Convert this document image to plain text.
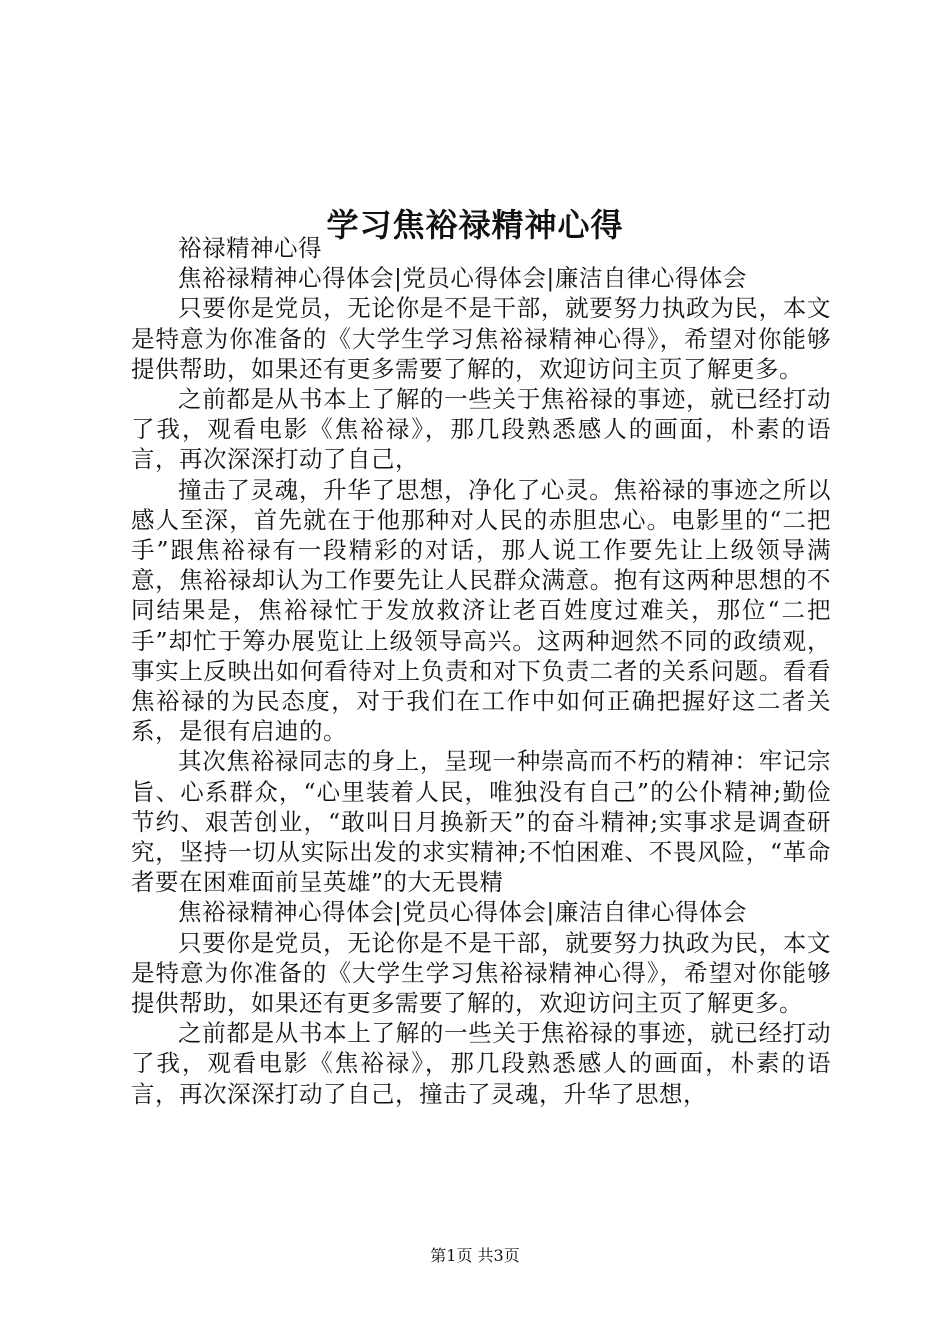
学习焦裕禄精神心得

裕禄精神心得

焦裕禄精神心得体会|党员心得体会|廉洁自律心得体会

只要你是党员，无论你是不是干部，就要努力执政为民，本文是特意为你准备的《大学生学习焦裕禄精神心得》，希望对你能够提供帮助，如果还有更多需要了解的，欢迎访问主页了解更多。

之前都是从书本上了解的一些关于焦裕禄的事迹，就已经打动了我，观看电影《焦裕禄》，那几段熟悉感人的画面，朴素的语言，再次深深打动了自己，

撞击了灵魂，升华了思想，净化了心灵。焦裕禄的事迹之所以感人至深，首先就在于他那种对人民的赤胆忠心。电影里的“二把手”跟焦裕禄有一段精彩的对话，那人说工作要先让上级领导满意，焦裕禄却认为工作要先让人民群众满意。抱有这两种思想的不同结果是，焦裕禄忙于发放救济让老百姓度过难关，那位“二把手”却忙于筹办展览让上级领导高兴。这两种迥然不同的政绩观，事实上反映出如何看待对上负责和对下负责二者的关系问题。看看焦裕禄的为民态度，对于我们在工作中如何正确把握好这二者关系，是很有启迪的。

其次焦裕禄同志的身上，呈现一种崇高而不朽的精神：牢记宗旨、心系群众，“心里装着人民，唯独没有自己”的公仆精神;勤俭节约、艰苦创业，“敢叫日月换新天”的奋斗精神;实事求是调查研究，坚持一切从实际出发的求实精神;不怕困难、不畏风险，“革命者要在困难面前呈英雄”的大无畏精

焦裕禄精神心得体会|党员心得体会|廉洁自律心得体会

只要你是党员，无论你是不是干部，就要努力执政为民，本文是特意为你准备的《大学生学习焦裕禄精神心得》，希望对你能够提供帮助，如果还有更多需要了解的，欢迎访问主页了解更多。

之前都是从书本上了解的一些关于焦裕禄的事迹，就已经打动了我，观看电影《焦裕禄》，那几段熟悉感人的画面，朴素的语言，再次深深打动了自己，撞击了灵魂，升华了思想，

第1页 共3页
